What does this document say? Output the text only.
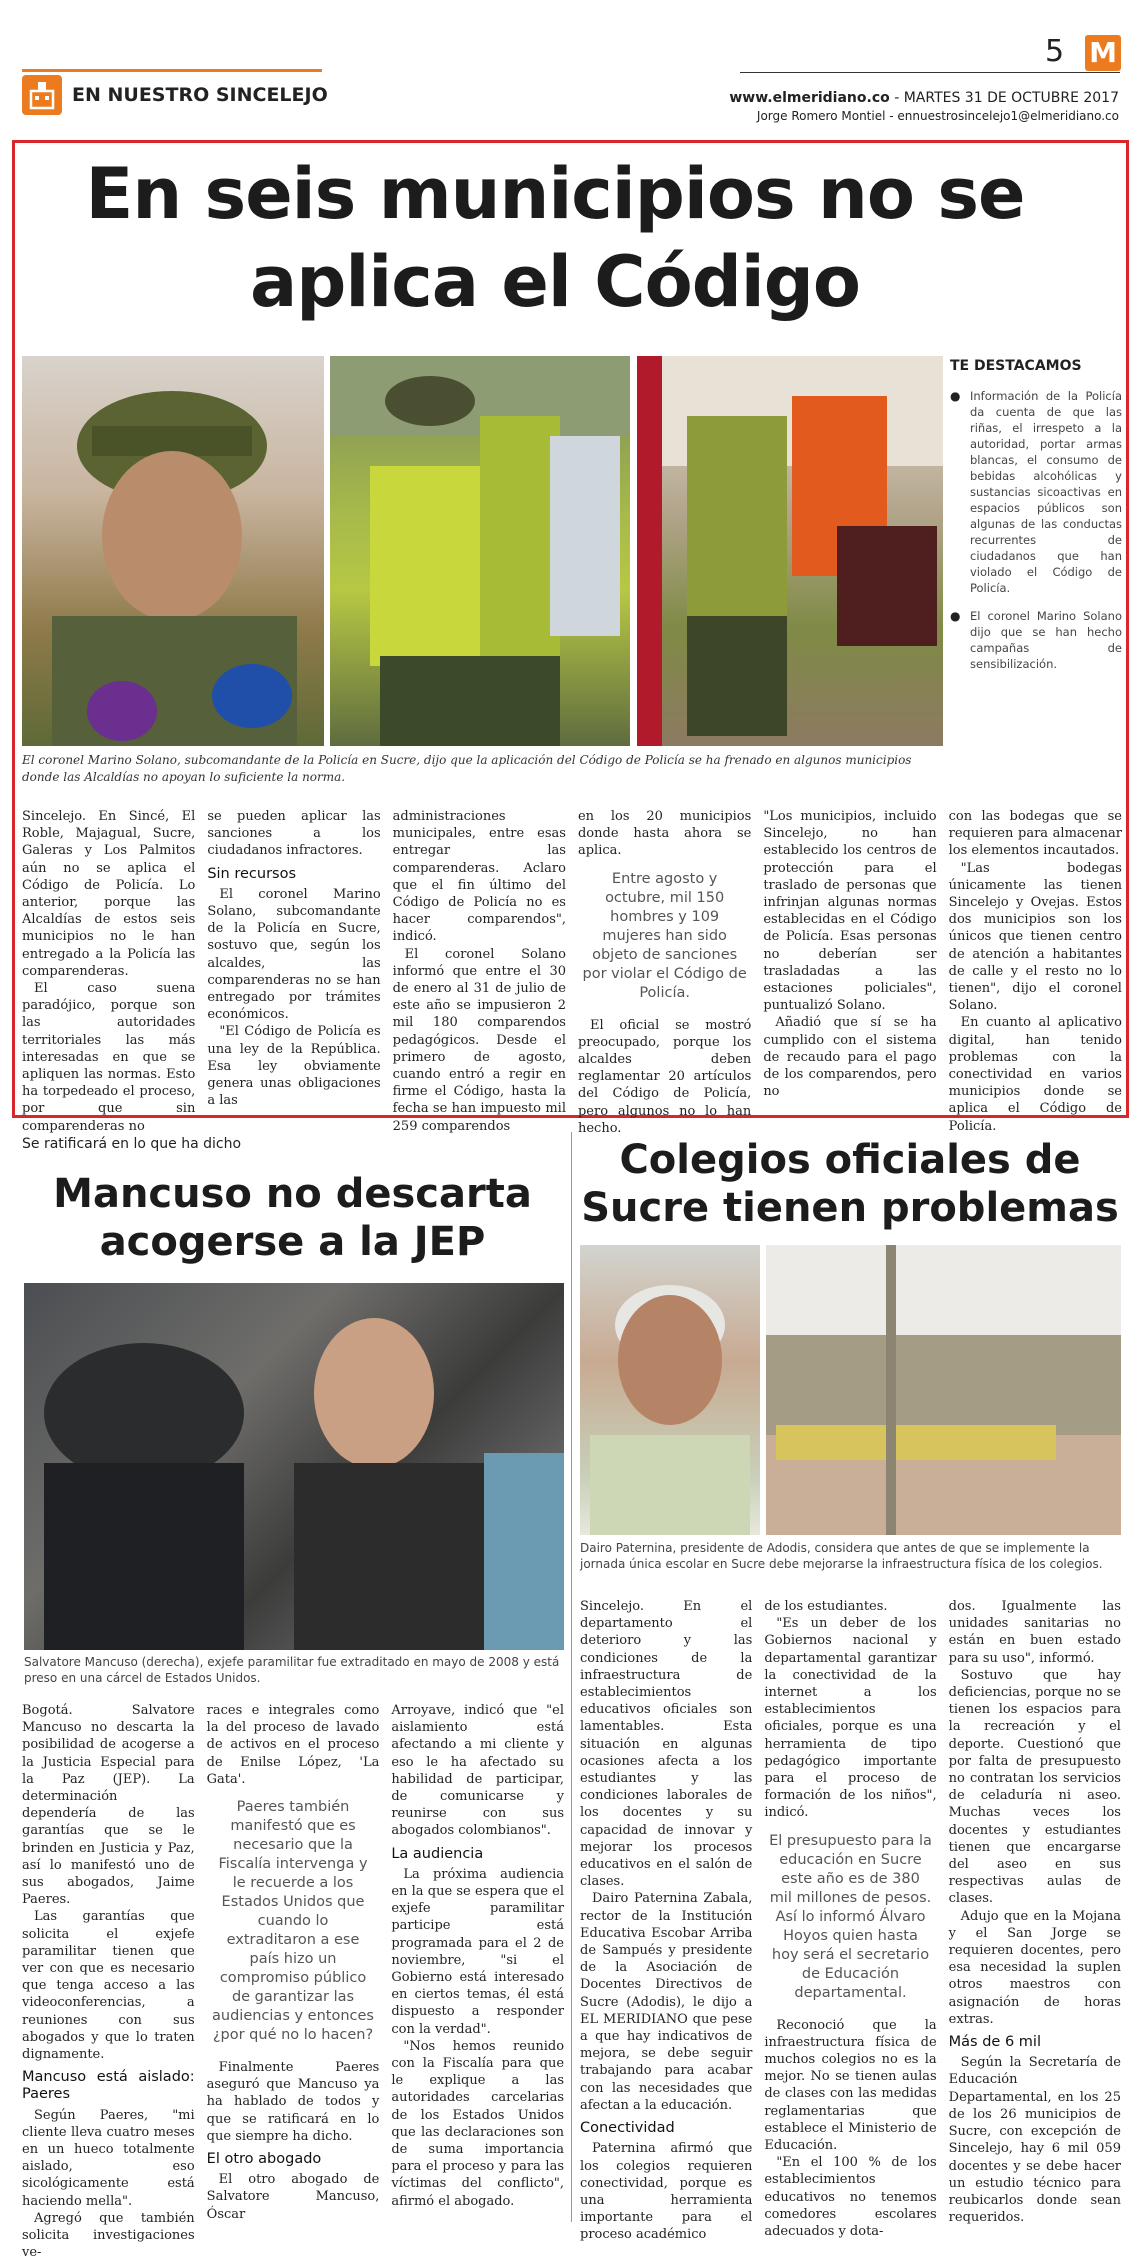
EN NUESTRO SINCELEJO
5 M
www.elmeridiano.co - MARTES 31 DE OCTUBRE 2017
Jorge Romero Montiel - ennuestrosincelejo1@elmeridiano.co
En seis municipios no se aplica el Código

El coronel Marino Solano, subcomandante de la Policía en Sucre, dijo que la aplicación del Código de Policía se ha frenado en algunos municipios donde las Alcaldías no apoyan lo suficiente la norma.

TE DESTACAMOS
● Información de la Policía da cuenta de que las riñas, el irrespeto a la autoridad, portar armas blancas, el consumo de bebidas alcohólicas y sustancias sicoactivas en espacios públicos son algunas de las conductas recurrentes de ciudadanos que han violado el Código de Policía.
● El coronel Marino Solano dijo que se han hecho campañas de sensibilización.

Sincelejo. En Sincé, El Roble, Majagual, Sucre, Galeras y Los Palmitos aún no se aplica el Código de Policía. Lo anterior, porque las Alcaldías de estos seis municipios no le han entregado a la Policía las comparenderas.

El caso suena paradójico, porque son las autoridades territoriales las más interesadas en que se apliquen las normas. Esto ha torpedeado el proceso, por que sin comparenderas no

se pueden aplicar las sanciones a los ciudadanos infractores.

Sin recursos

El coronel Marino Solano, subcomandante de la Policía en Sucre, sostuvo que, según los alcaldes, las comparenderas no se han entregado por trámites económicos.

"El Código de Policía es una ley de la República. Esa ley obviamente genera unas obligaciones a las

administraciones municipales, entre esas entregar las comparenderas. Aclaro que el fin último del Código de Policía no es hacer comparendos", indicó.

El coronel Solano informó que entre el 30 de enero al 31 de julio de este año se impusieron 2 mil 180 comparendos pedagógicos. Desde el primero de agosto, cuando entró a regir en firme el Código, hasta la fecha se han impuesto mil 259 comparendos

en los 20 municipios donde hasta ahora se aplica.

Entre agosto y octubre, mil 150 hombres y 109 mujeres han sido objeto de sanciones por violar el Código de Policía.

El oficial se mostró preocupado, porque los alcaldes deben reglamentar 20 artículos del Código de Policía, pero algunos no lo han hecho.

"Los municipios, incluido Sincelejo, no han establecido los centros de protección para el traslado de personas que infrinjan algunas normas establecidas en el Código de Policía. Esas personas no deberían ser trasladadas a las estaciones policiales", puntualizó Solano.

Añadió que sí se ha cumplido con el sistema de recaudo para el pago de los comparendos, pero no

con las bodegas que se requieren para almacenar los elementos incautados.

"Las bodegas únicamente las tienen Sincelejo y Ovejas. Estos dos municipios son los únicos que tienen centro de atención a habitantes de calle y el resto no lo tienen", dijo el coronel Solano.

En cuanto al aplicativo digital, han tenido problemas con la conectividad en varios municipios donde se aplica el Código de Policía.

Se ratificará en lo que ha dicho
Mancuso no descarta acogerse a la JEP

Salvatore Mancuso (derecha), exjefe paramilitar fue extraditado en mayo de 2008 y está preso en una cárcel de Estados Unidos.

Bogotá. Salvatore Mancuso no descarta la posibilidad de acogerse a la Justicia Especial para la Paz (JEP). La determinación dependería de las garantías que se le brinden en Justicia y Paz, así lo manifestó uno de sus abogados, Jaime Paeres.

Las garantías que solicita el exjefe paramilitar tienen que ver con que es necesario que tenga acceso a las videoconferencias, a reuniones con sus abogados y que lo traten dignamente.

Mancuso está aislado: Paeres

Según Paeres, "mi cliente lleva cuatro meses en un hueco totalmente aislado, eso sicológicamente está haciendo mella".

Agregó que también solicita investigaciones ve-

races e integrales como la del proceso de lavado de activos en el proceso de Enilse López, 'La Gata'.

Paeres también manifestó que es necesario que la Fiscalía intervenga y le recuerde a los Estados Unidos que cuando lo extraditaron a ese país hizo un compromiso público de garantizar las audiencias y entonces ¿por qué no lo hacen?

Finalmente Paeres aseguró que Mancuso ya ha hablado de todos y que se ratificará en lo que siempre ha dicho.

El otro abogado

El otro abogado de Salvatore Mancuso, Óscar

Arroyave, indicó que "el aislamiento está afectando a mi cliente y eso le ha afectado su habilidad de participar, de comunicarse y reunirse con sus abogados colombianos".

La audiencia

La próxima audiencia en la que se espera que el exjefe paramilitar participe está programada para el 2 de noviembre, "si el Gobierno está interesado en ciertos temas, él está dispuesto a responder con la verdad".

"Nos hemos reunido con la Fiscalía para que le explique a las autoridades carcelarias de los Estados Unidos que las declaraciones son de suma importancia para el proceso y para las víctimas del conflicto", afirmó el abogado.

Colegios oficiales de Sucre tienen problemas

Dairo Paternina, presidente de Adodis, considera que antes de que se implemente la jornada única escolar en Sucre debe mejorarse la infraestructura física de los colegios.

Sincelejo. En el departamento el deterioro y las condiciones de la infraestructura de establecimientos educativos oficiales son lamentables. Esta situación en algunas ocasiones afecta a los estudiantes y las condiciones laborales de los docentes y su capacidad de innovar y mejorar los procesos educativos en el salón de clases.

Dairo Paternina Zabala, rector de la Institución Educativa Escobar Arriba de Sampués y presidente de la Asociación de Docentes Directivos de Sucre (Adodis), le dijo a EL MERIDIANO que pese a que hay indicativos de mejora, se debe seguir trabajando para acabar con las necesidades que afectan a la educación.

Conectividad

Paternina afirmó que los colegios requieren conectividad, porque es una herramienta importante para el proceso académico

de los estudiantes.

"Es un deber de los Gobiernos nacional y departamental garantizar la conectividad de la internet a los establecimientos oficiales, porque es una herramienta de tipo pedagógico importante para el proceso de formación de los niños", indicó.

El presupuesto para la educación en Sucre este año es de 380 mil millones de pesos. Así lo informó Álvaro Hoyos quien hasta hoy será el secretario de Educación departamental.

Reconoció que la infraestructura física de muchos colegios no es la mejor. No se tienen aulas de clases con las medidas reglamentarias que establece el Ministerio de Educación.

"En el 100 % de los establecimientos educativos no tenemos comedores escolares adecuados y dota-

dos. Igualmente las unidades sanitarias no están en buen estado para su uso", informó.

Sostuvo que hay deficiencias, porque no se tienen los espacios para la recreación y el deporte. Cuestionó que por falta de presupuesto no contratan los servicios de celaduría ni aseo. Muchas veces los docentes y estudiantes tienen que encargarse del aseo en sus respectivas aulas de clases.

Adujo que en la Mojana y el San Jorge se requieren docentes, pero esa necesidad la suplen otros maestros con asignación de horas extras.

Más de 6 mil

Según la Secretaría de Educación Departamental, en los 25 de los 26 municipios de Sucre, con excepción de Sincelejo, hay 6 mil 059 docentes y se debe hacer un estudio técnico para reubicarlos donde sean requeridos.
